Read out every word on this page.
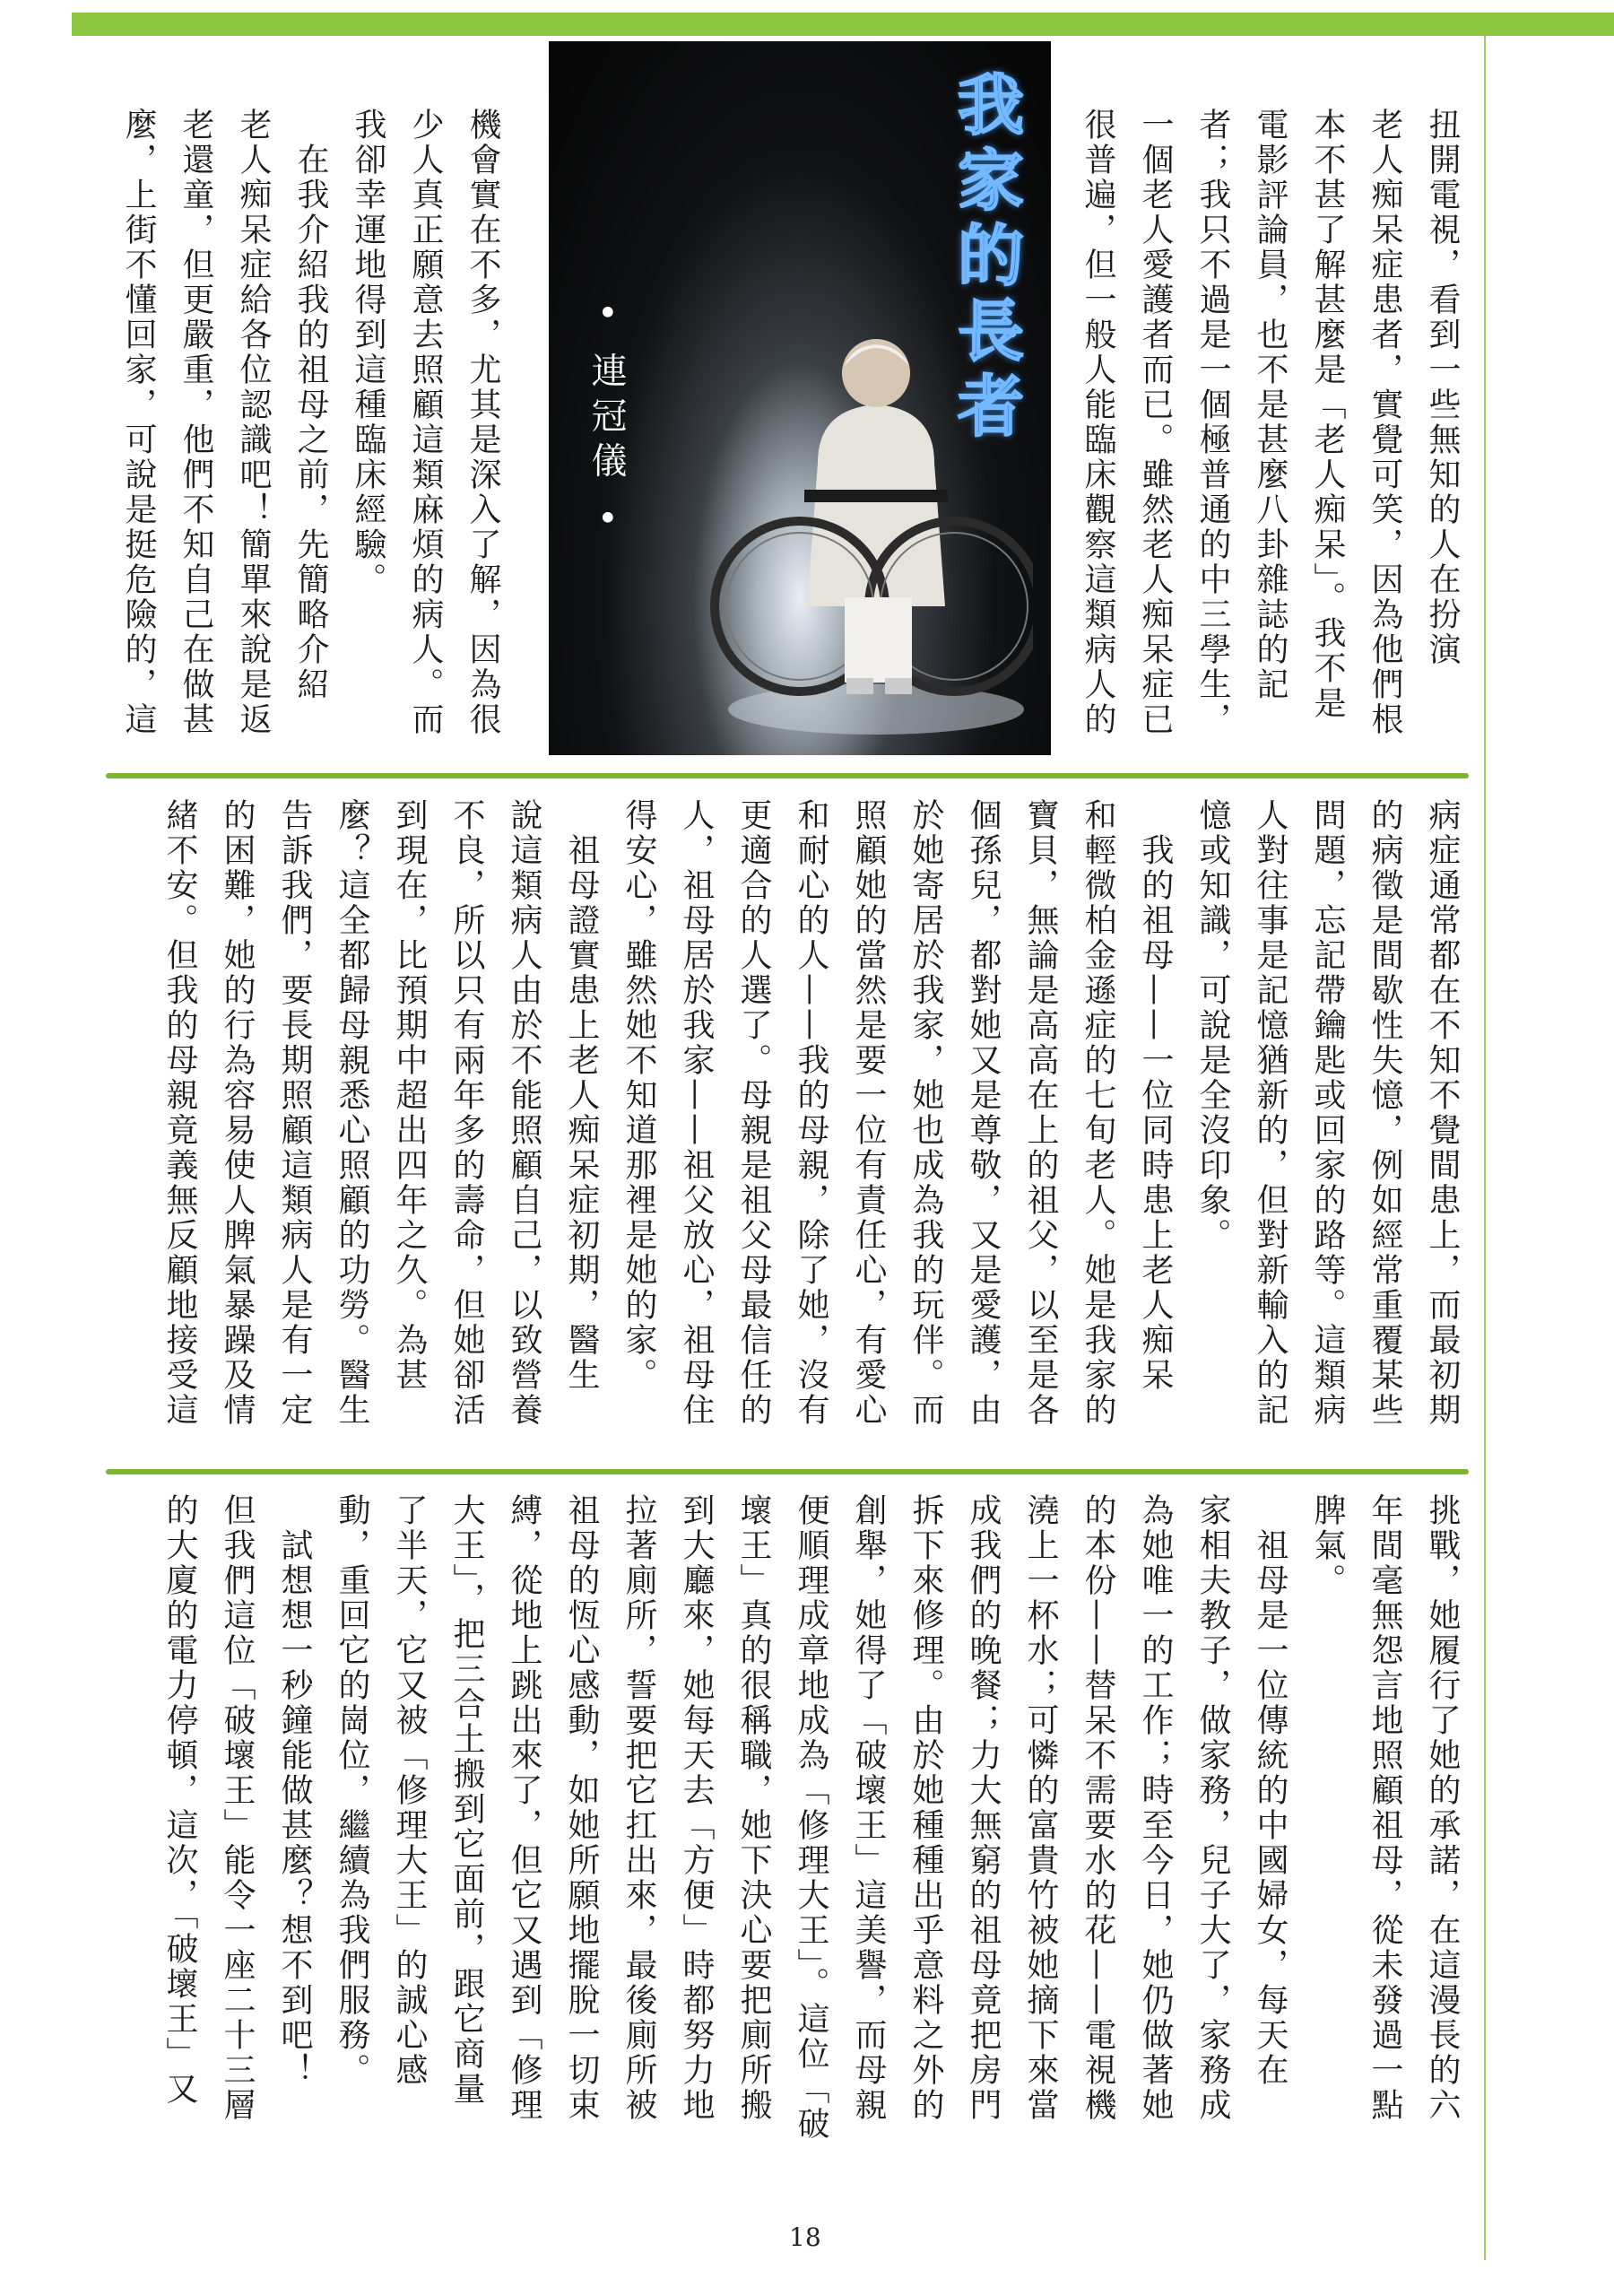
扭開電視，看到一些無知的人在扮演
老人痴呆症患者，實覺可笑，因為他們根
本不甚了解甚麼是「老人痴呆」。我不是
電影評論員，也不是甚麼八卦雜誌的記
者；我只不過是一個極普通的中三學生，
一個老人愛護者而已。雖然老人痴呆症已
很普遍，但一般人能臨床觀察這類病人的
機會實在不多，尤其是深入了解，因為很
少人真正願意去照顧這類麻煩的病人。而
我卻幸運地得到這種臨床經驗。
　在我介紹我的祖母之前，先簡略介紹
老人痴呆症給各位認識吧！簡單來說是返
老還童，但更嚴重，他們不知自己在做甚
麼，上街不懂回家，可說是挺危險的，這	我家的長者
• 連冠儀 •
病症通常都在不知不覺間患上，而最初期
的病徵是間歇性失憶，例如經常重覆某些
問題，忘記帶鑰匙或回家的路等。這類病
人對往事是記憶猶新的，但對新輸入的記
憶或知識，可說是全沒印象。
　我的祖母——一位同時患上老人痴呆
和輕微柏金遜症的七旬老人。她是我家的
寶貝，無論是高高在上的祖父，以至是各
個孫兒，都對她又是尊敬，又是愛護，由
於她寄居於我家，她也成為我的玩伴。而
照顧她的當然是要一位有責任心，有愛心
和耐心的人——我的母親，除了她，沒有
更適合的人選了。母親是祖父母最信任的
人，祖母居於我家——祖父放心，祖母住
得安心，雖然她不知道那裡是她的家。
　祖母證實患上老人痴呆症初期，醫生
說這類病人由於不能照顧自己，以致營養
不良，所以只有兩年多的壽命，但她卻活
到現在，比預期中超出四年之久。為甚
麼？這全都歸母親悉心照顧的功勞。醫生
告訴我們，要長期照顧這類病人是有一定
的困難，她的行為容易使人脾氣暴躁及情
緒不安。但我的母親竟義無反顧地接受這
挑戰，她履行了她的承諾，在這漫長的六
年間毫無怨言地照顧祖母，從未發過一點
脾氣。
　祖母是一位傳統的中國婦女，每天在
家相夫教子，做家務，兒子大了，家務成
為她唯一的工作；時至今日，她仍做著她
的本份——替呆不需要水的花——電視機
澆上一杯水；可憐的富貴竹被她摘下來當
成我們的晚餐；力大無窮的祖母竟把房門
拆下來修理。由於她種種出乎意料之外的
創舉，她得了「破壞王」這美譽，而母親
便順理成章地成為「修理大王」。這位「破
壞王」真的很稱職，她下決心要把廁所搬
到大廳來，她每天去「方便」時都努力地
拉著廁所，誓要把它扛出來，最後廁所被
祖母的恆心感動，如她所願地擺脫一切束
縛，從地上跳出來了，但它又遇到「修理
大王」，把三合土搬到它面前，跟它商量
了半天，它又被「修理大王」的誠心感
動，重回它的崗位，繼續為我們服務。
　試想想一秒鐘能做甚麼？想不到吧！
但我們這位「破壞王」能令一座二十三層
的大廈的電力停頓，這次，「破壞王」又
18
